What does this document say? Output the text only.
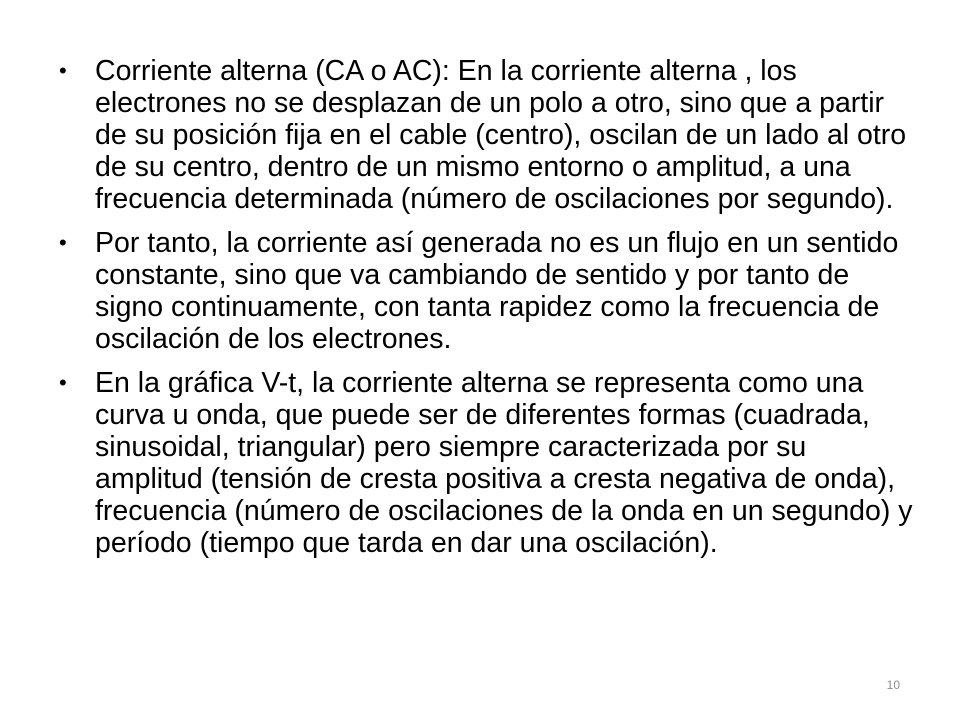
• Corriente alterna (CA o AC): En la corriente alterna , los electrones no se desplazan de un polo a otro, sino que a partir de su posición fija en el cable (centro), oscilan de un lado al otro de su centro, dentro de un mismo entorno o amplitud, a una frecuencia determinada (número de oscilaciones por segundo).
• Por tanto, la corriente así generada no es un flujo en un sentido constante, sino que va cambiando de sentido y por tanto de signo continuamente, con tanta rapidez como la frecuencia de oscilación de los electrones.
• En la gráfica V-t, la corriente alterna se representa como una curva u onda, que puede ser de diferentes formas (cuadrada, sinusoidal, triangular) pero siempre caracterizada por su amplitud (tensión de cresta positiva a cresta negativa de onda), frecuencia (número de oscilaciones de la onda en un segundo) y período (tiempo que tarda en dar una oscilación).
10
